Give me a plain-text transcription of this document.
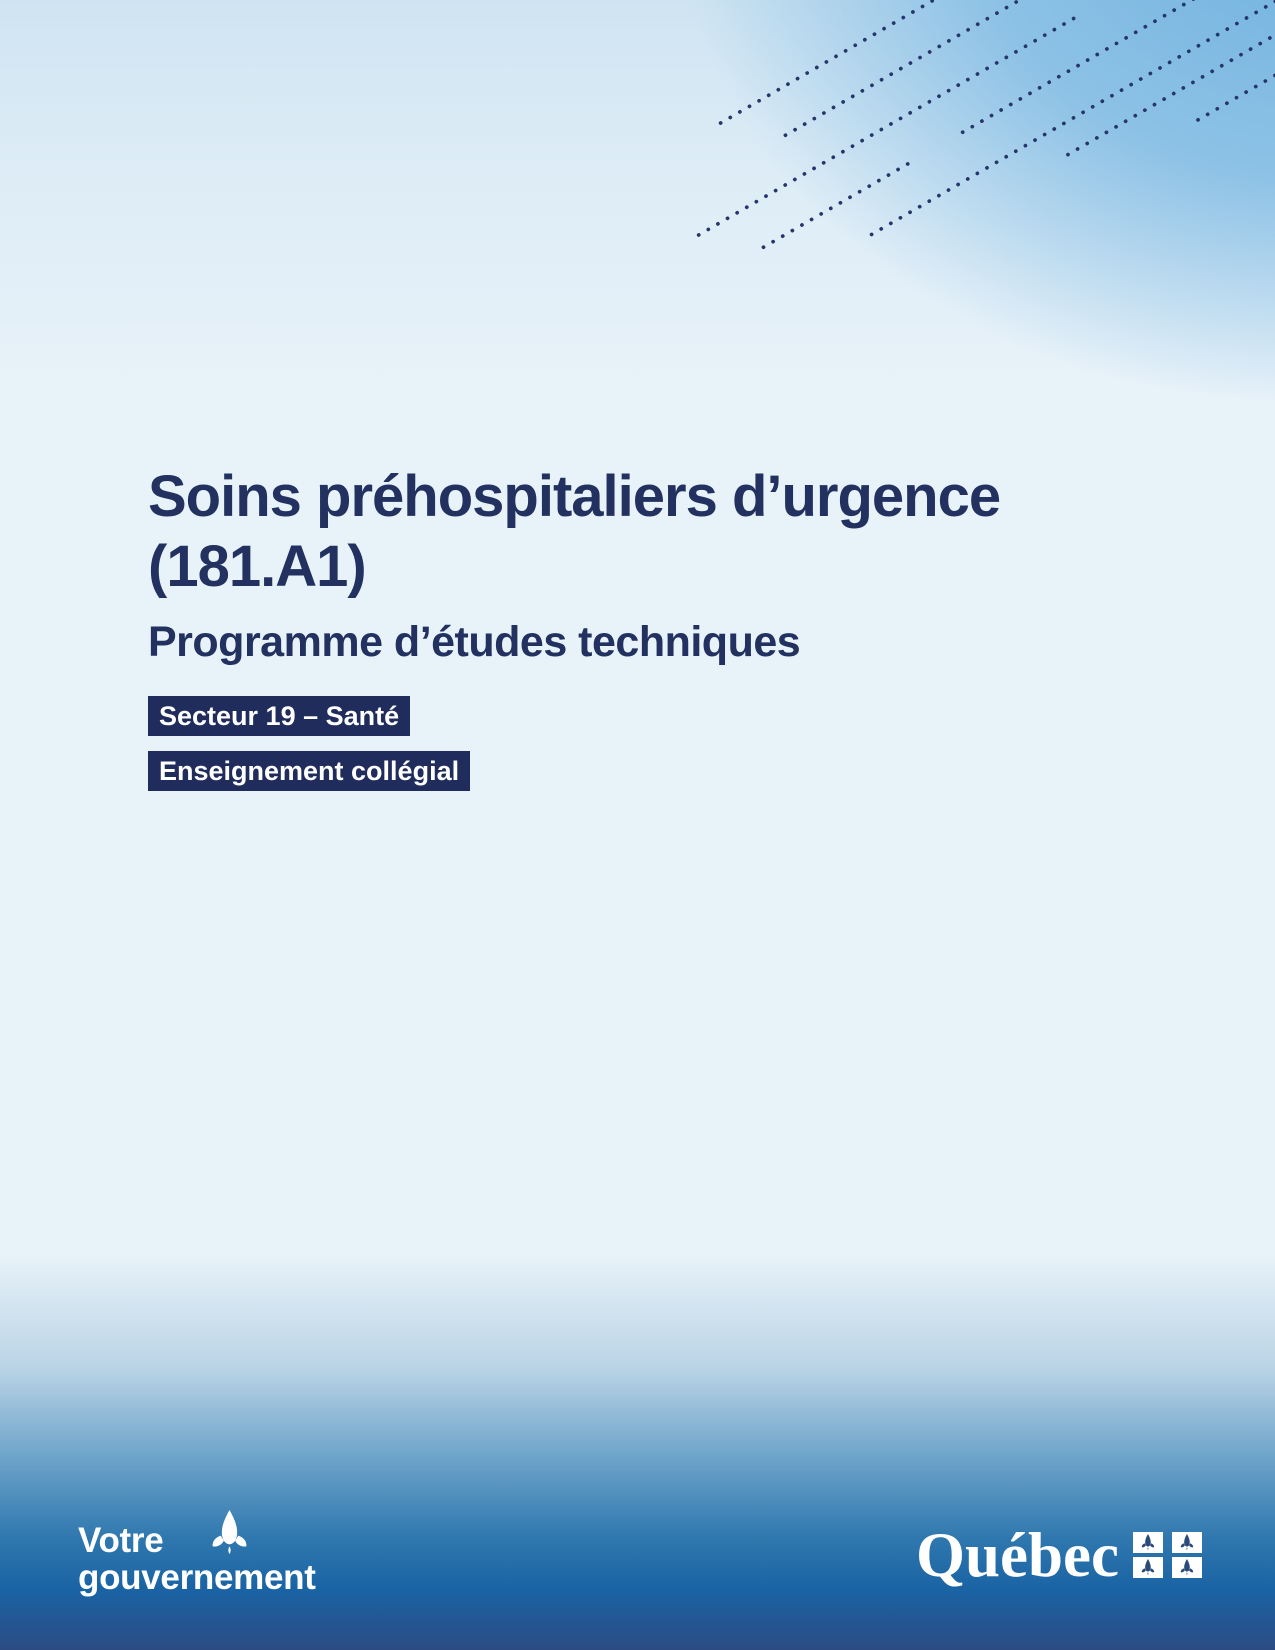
Soins préhospitaliers d’urgence
(181.A1)
Programme d’études techniques
Secteur 19 – Santé
Enseignement collégial
Votre
gouvernement	Québec
